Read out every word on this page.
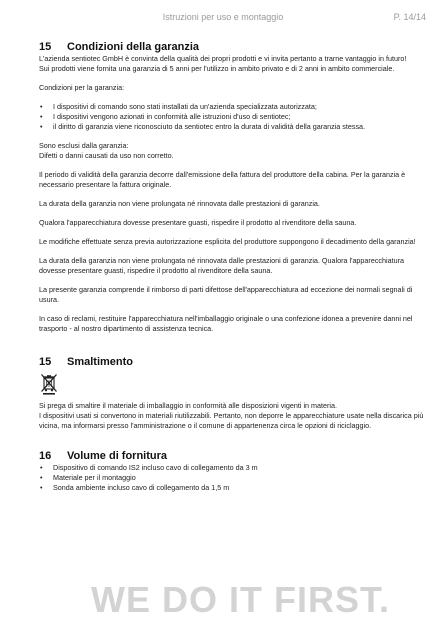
Istruzioni per uso e montaggio	P. 14/14
15	Condizioni della garanzia

L'azienda sentiotec GmbH è convinta della qualità dei propri prodotti e vi invita pertanto a trarne vantaggio in futuro!

Sui prodotti viene fornita una garanzia di 5 anni per l'utilizzo in ambito privato e di 2 anni in ambito commerciale.

Condizioni per la garanzia:

• I dispositivi di comando sono stati installati da un'azienda specializzata autorizzata;
• I dispositivi vengono azionati in conformità alle istruzioni d'uso di sentiotec;
• il diritto di garanzia viene riconosciuto da sentiotec entro la durata di validità della garanzia stessa.

Sono esclusi dalla garanzia:

Difetti o danni causati da uso non corretto.

Il periodo di validità della garanzia decorre dall'emissione della fattura del produttore della cabina. Per la garanzia è necessario presentare la fattura originale.

La durata della garanzia non viene prolungata né rinnovata dalle prestazioni di garanzia.

Qualora l'apparecchiatura dovesse presentare guasti, rispedire il prodotto al rivenditore della sauna.

Le modifiche effettuate senza previa autorizzazione esplicita del produttore suppongono il decadimento della garanzia!

La durata della garanzia non viene prolungata né rinnovata dalle prestazioni di garanzia. Qualora l'apparecchiatura dovesse presentare guasti, rispedire il prodotto al rivenditore della sauna.

La presente garanzia comprende il rimborso di parti difettose dell'apparecchiatura ad eccezione dei normali segnali di usura.

In caso di reclami, restituire l'apparecchiatura nell'imballaggio originale o una confezione idonea a prevenire danni nel trasporto - al nostro dipartimento di assistenza tecnica.

15	Smaltimento

Si prega di smaltire il materiale di imballaggio in conformità alle disposizioni vigenti in materia.

I dispositivi usati si convertono in materiali riutilizzabili. Pertanto, non deporre le apparecchiature usate nella discarica più vicina, ma informarsi presso l'amministrazione o il comune di appartenenza circa le opzioni di riciclaggio.

16	Volume di fornitura
• Dispositivo di comando IS2 incluso cavo di collegamento da 3 m
• Materiale per il montaggio
• Sonda ambiente incluso cavo di collegamento da 1,5 m
WE DO IT FIRST.
